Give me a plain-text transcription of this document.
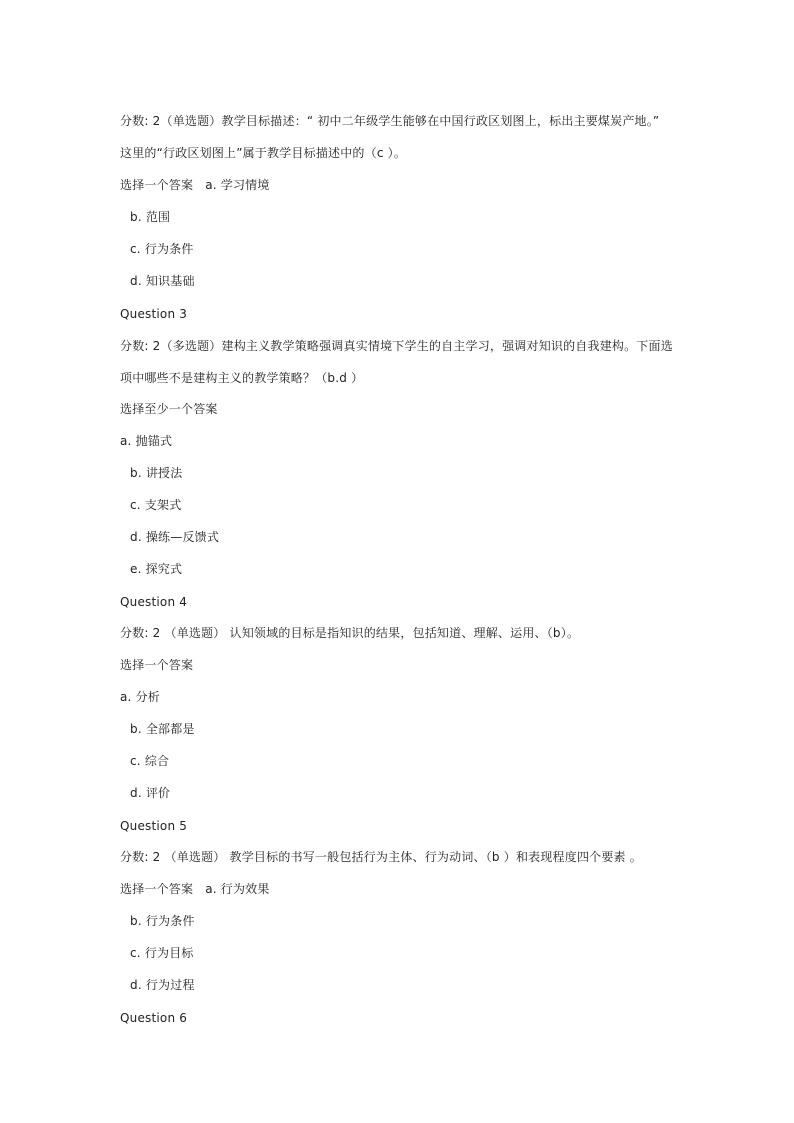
分数: 2（单选题）教学目标描述：“ 初中二年级学生能够在中国行政区划图上，标出主要煤炭产地。”
这里的“行政区划图上”属于教学目标描述中的（c ）。
选择一个答案 a. 学习情境
b. 范围
c. 行为条件
d. 知识基础
Question 3
分数: 2（多选题）建构主义教学策略强调真实情境下学生的自主学习，强调对知识的自我建构。下面选
项中哪些不是建构主义的教学策略？（b.d ）
选择至少一个答案
a. 抛锚式
b. 讲授法
c. 支架式
d. 操练—反馈式
e. 探究式
Question 4
分数: 2 （单选题） 认知领域的目标是指知识的结果，包括知道、理解、运用、（b）。
选择一个答案
a. 分析
b. 全部都是
c. 综合
d. 评价
Question 5
分数: 2 （单选题） 教学目标的书写一般包括行为主体、行为动词、（b ）和表现程度四个要素 。
选择一个答案 a. 行为效果
b. 行为条件
c. 行为目标
d. 行为过程
Question 6
